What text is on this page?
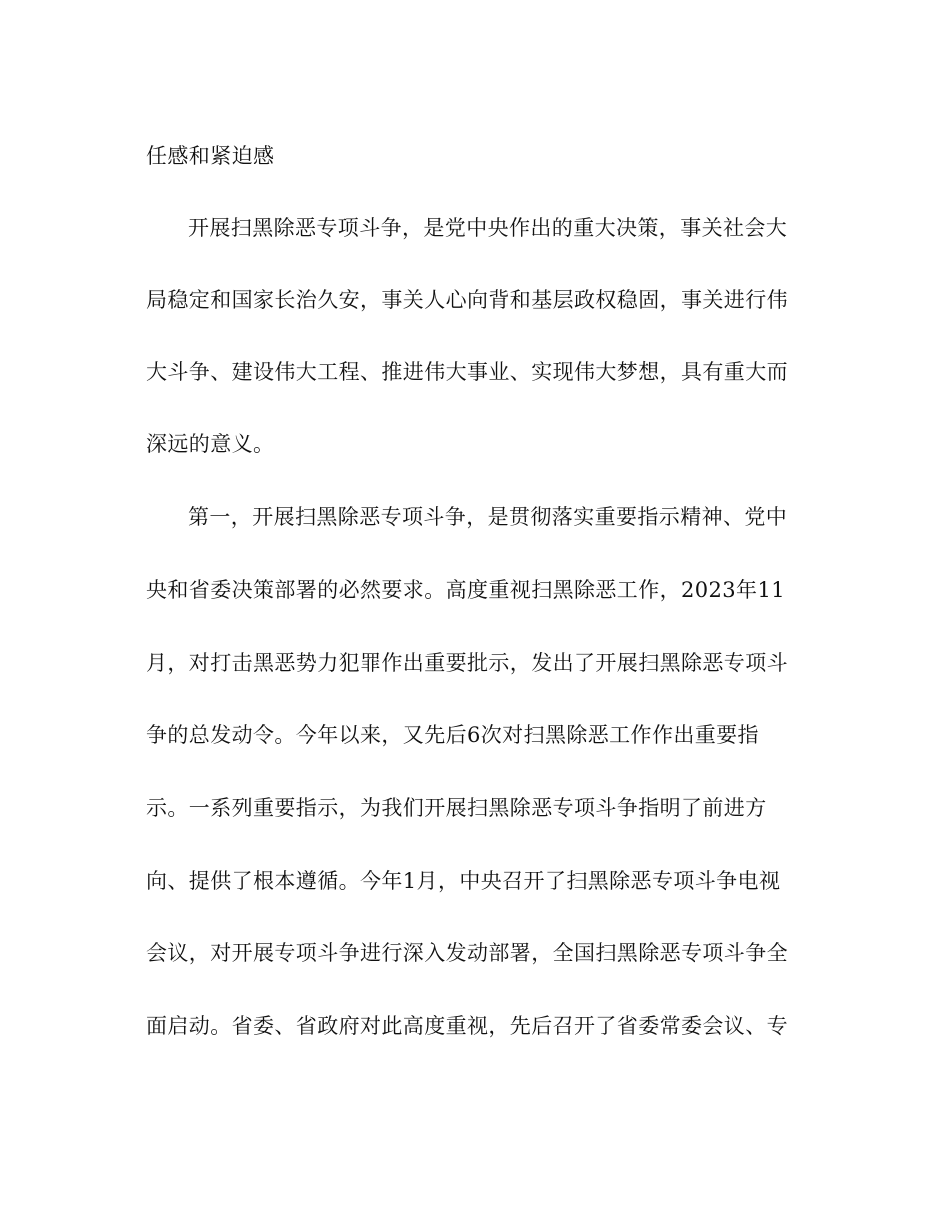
任感和紧迫感
开展扫黑除恶专项斗争，是党中央作出的重大决策，事关社会大
局稳定和国家长治久安，事关人心向背和基层政权稳固，事关进行伟
大斗争、建设伟大工程、推进伟大事业、实现伟大梦想，具有重大而
深远的意义。
第一，开展扫黑除恶专项斗争，是贯彻落实重要指示精神、党中
央和省委决策部署的必然要求。高度重视扫黑除恶工作，2023年11
月，对打击黑恶势力犯罪作出重要批示，发出了开展扫黑除恶专项斗
争的总发动令。今年以来，又先后6次对扫黑除恶工作作出重要指
示。一系列重要指示，为我们开展扫黑除恶专项斗争指明了前进方
向、提供了根本遵循。今年1月，中央召开了扫黑除恶专项斗争电视
会议，对开展专项斗争进行深入发动部署，全国扫黑除恶专项斗争全
面启动。省委、省政府对此高度重视，先后召开了省委常委会议、专
